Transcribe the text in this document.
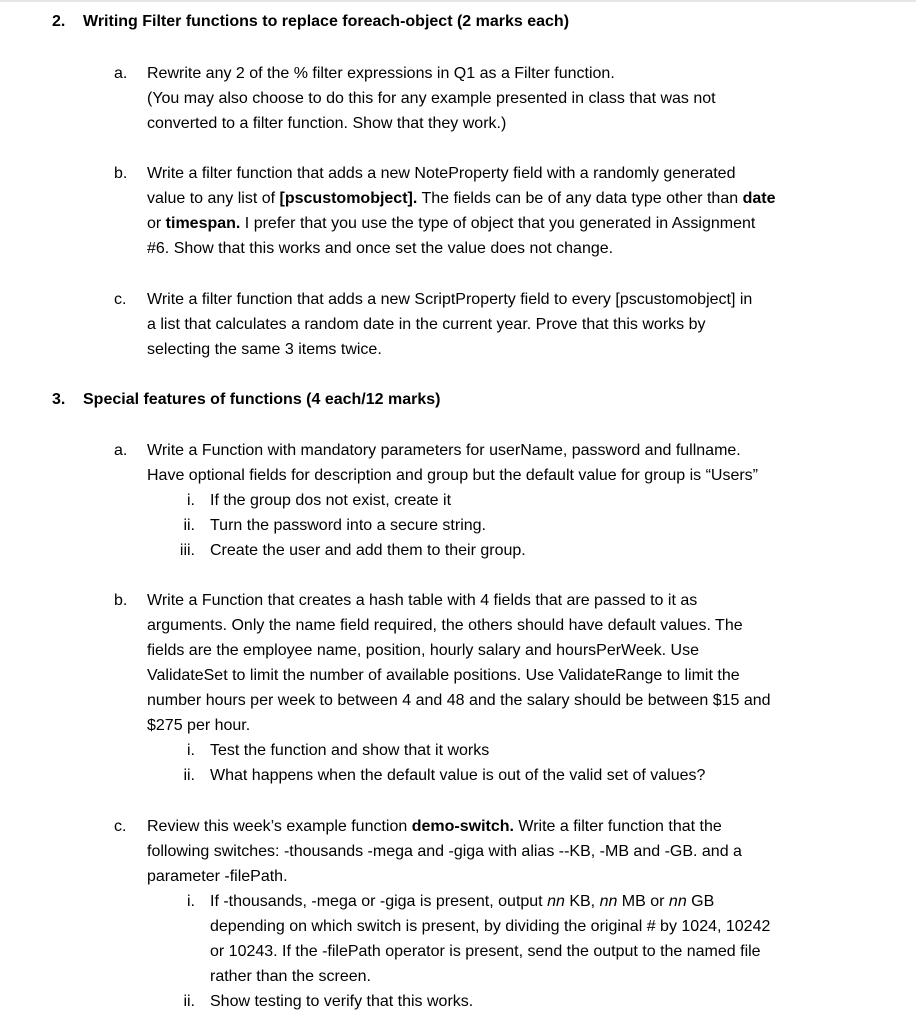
2. Writing Filter functions to replace foreach-object (2 marks each)
a. Rewrite any 2 of the % filter expressions in Q1 as a Filter function.
(You may also choose to do this for any example presented in class that was not
converted to a filter function. Show that they work.)
b. Write a filter function that adds a new NoteProperty field with a randomly generated
value to any list of [pscustomobject]. The fields can be of any data type other than date
or timespan. I prefer that you use the type of object that you generated in Assignment
#6. Show that this works and once set the value does not change.
c. Write a filter function that adds a new ScriptProperty field to every [pscustomobject] in
a list that calculates a random date in the current year. Prove that this works by
selecting the same 3 items twice.
3. Special features of functions (4 each/12 marks)
a. Write a Function with mandatory parameters for userName, password and fullname.
Have optional fields for description and group but the default value for group is “Users”
i. If the group dos not exist, create it
ii. Turn the password into a secure string.
iii. Create the user and add them to their group.
b. Write a Function that creates a hash table with 4 fields that are passed to it as
arguments. Only the name field required, the others should have default values. The
fields are the employee name, position, hourly salary and hoursPerWeek. Use
ValidateSet to limit the number of available positions. Use ValidateRange to limit the
number hours per week to between 4 and 48 and the salary should be between $15 and
$275 per hour.
i. Test the function and show that it works
ii. What happens when the default value is out of the valid set of values?
c. Review this week’s example function demo-switch. Write a filter function that the
following switches: -thousands -mega and -giga with alias --KB, -MB and -GB. and a
parameter -filePath.
i. If -thousands, -mega or -giga is present, output nn KB, nn MB or nn GB
depending on which switch is present, by dividing the original # by 1024, 10242
or 10243. If the -filePath operator is present, send the output to the named file
rather than the screen.
ii. Show testing to verify that this works.
